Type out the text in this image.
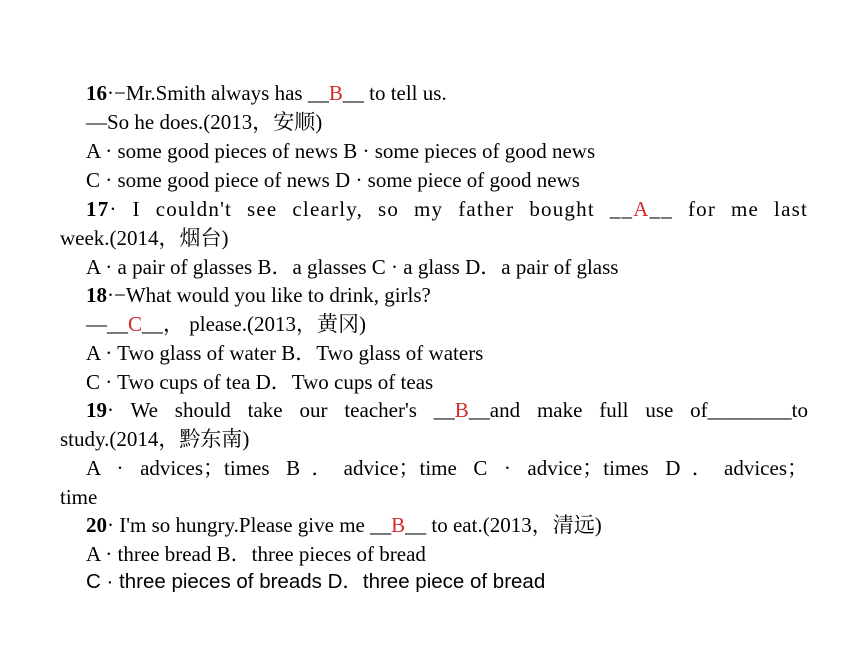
16·−Mr.Smith always has __B__ to tell us.
—So he does.(2013，安顺)
A · some good pieces of news B · some pieces of good news
C · some good piece of news D · some piece of good news
17· I couldn't see clearly, so my father bought __A__ for me last
week.(2014，烟台)
A · a pair of glasses B．a glasses C · a glass D．a pair of glass
18·−What would you like to drink, girls?
—__C__， please.(2013，黄冈)
A · Two glass of water B．Two glass of waters
C · Two cups of tea D．Two cups of teas
19· We should take our teacher's __B__and make full use of________to
study.(2014，黔东南)
A · advices；times B．advice；time C · advice；times D．advices；
time
20· I'm so hungry.Please give me __B__ to eat.(2013，清远)
A · three bread B．three pieces of bread
C · three pieces of breads D．three piece of bread
